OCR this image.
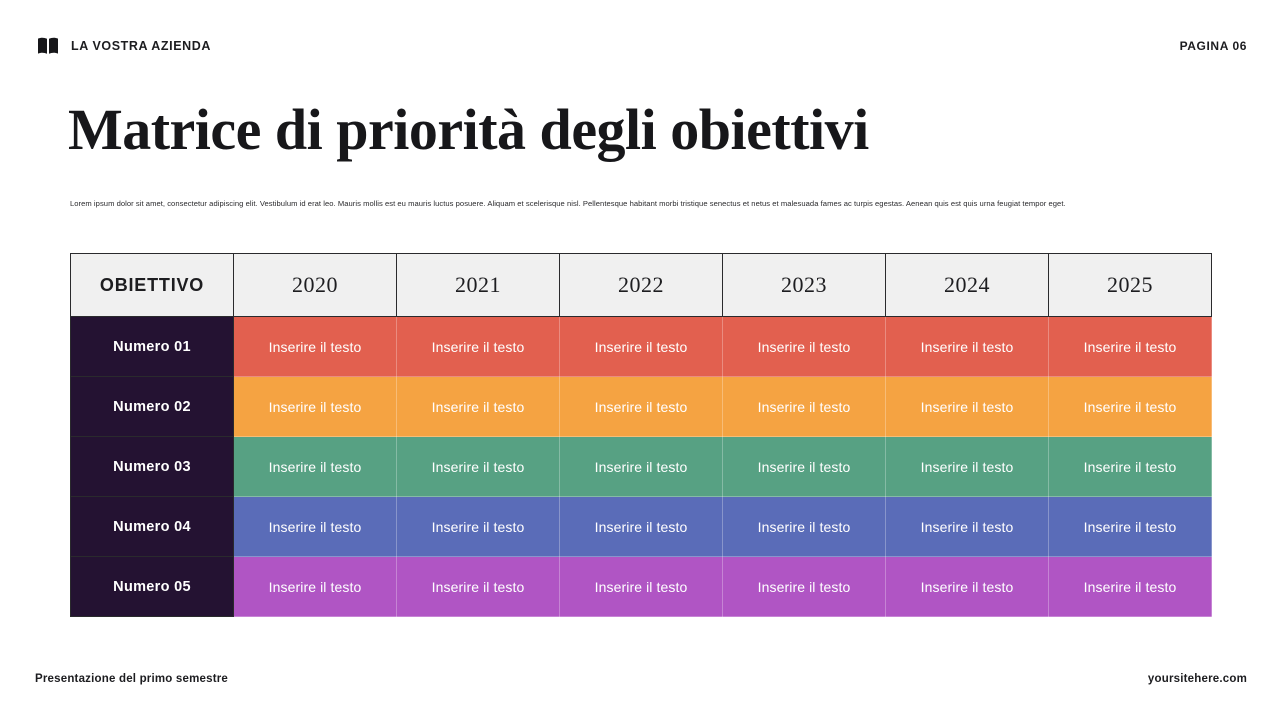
LA VOSTRA AZIENDA	PAGINA 06
Matrice di priorità degli obiettivi

Lorem ipsum dolor sit amet, consectetur adipiscing elit. Vestibulum id erat leo. Mauris mollis est eu mauris luctus posuere. Aliquam et scelerisque nisl. Pellentesque habitant morbi tristique senectus et netus et malesuada fames ac turpis egestas. Aenean quis est quis urna feugiat tempor eget.

OBIETTIVO	2020	2021	2022	2023	2024	2025
Numero 01	Inserire il testo	Inserire il testo	Inserire il testo	Inserire il testo	Inserire il testo	Inserire il testo
Numero 02	Inserire il testo	Inserire il testo	Inserire il testo	Inserire il testo	Inserire il testo	Inserire il testo
Numero 03	Inserire il testo	Inserire il testo	Inserire il testo	Inserire il testo	Inserire il testo	Inserire il testo
Numero 04	Inserire il testo	Inserire il testo	Inserire il testo	Inserire il testo	Inserire il testo	Inserire il testo
Numero 05	Inserire il testo	Inserire il testo	Inserire il testo	Inserire il testo	Inserire il testo	Inserire il testo
Presentazione del primo semestre	yoursitehere.com
